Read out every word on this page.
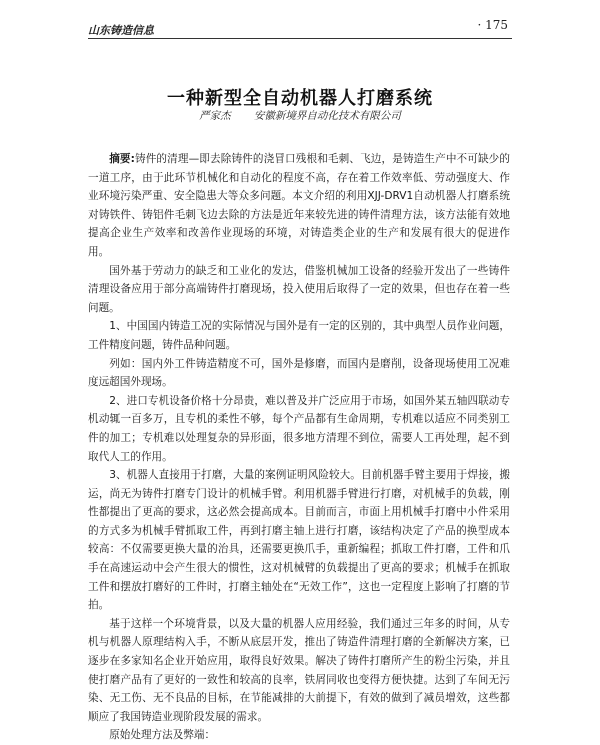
山东铸造信息	· 175
一种新型全自动机器人打磨系统
严家杰 安徽新境界自动化技术有限公司

摘要:铸件的清理—即去除铸件的浇冒口残根和毛刺、飞边，是铸造生产中不可缺少的一道工序，由于此环节机械化和自动化的程度不高，存在着工作效率低、劳动强度大、作业环境污染严重、安全隐患大等众多问题。本文介绍的利用XJJ-DRV1自动机器人打磨系统对铸铁件、铸铝件毛刺飞边去除的方法是近年来较先进的铸件清理方法，该方法能有效地提高企业生产效率和改善作业现场的环境，对铸造类企业的生产和发展有很大的促进作用。

国外基于劳动力的缺乏和工业化的发达，借鉴机械加工设备的经验开发出了一些铸件清理设备应用于部分高端铸件打磨现场，投入使用后取得了一定的效果，但也存在着一些问题。

1、中国国内铸造工况的实际情况与国外是有一定的区别的，其中典型人员作业问题，工件精度问题，铸件品种问题。

列如：国内外工件铸造精度不可，国外是修磨，而国内是磨削，设备现场使用工况难度远超国外现场。

2、进口专机设备价格十分昂贵，难以普及并广泛应用于市场，如国外某五轴四联动专机动辄一百多万，且专机的柔性不够，每个产品都有生命周期，专机难以适应不同类别工件的加工；专机难以处理复杂的异形面，很多地方清理不到位，需要人工再处理，起不到取代人工的作用。

3、机器人直接用于打磨，大量的案例证明风险较大。目前机器手臂主要用于焊接，搬运，尚无为铸件打磨专门设计的机械手臂。利用机器手臂进行打磨，对机械手的负载，刚性都提出了更高的要求，这必然会提高成本。目前而言，市面上用机械手打磨中小件采用的方式多为机械手臂抓取工件，再到打磨主轴上进行打磨，该结构决定了产品的换型成本较高：不仅需要更换大量的治具，还需要更换爪手，重新编程；抓取工件打磨，工件和爪手在高速运动中会产生很大的惯性，这对机械臂的负载提出了更高的要求；机械手在抓取工件和摆放打磨好的工件时，打磨主轴处在“无效工作”，这也一定程度上影响了打磨的节拍。

基于这样一个环境背景，以及大量的机器人应用经验，我们通过三年多的时间，从专机与机器人原理结构入手，不断从底层开发，推出了铸造件清理打磨的全新解决方案，已逐步在多家知名企业开始应用，取得良好效果。解决了铸件打磨所产生的粉尘污染，并且使打磨产品有了更好的一致性和较高的良率，铁屑同收也变得方便快捷。达到了车间无污染、无工伤、无不良品的目标，在节能减排的大前提下，有效的做到了减员增效，这些都顺应了我国铸造业现阶段发展的需求。

原始处理方法及弊端：
